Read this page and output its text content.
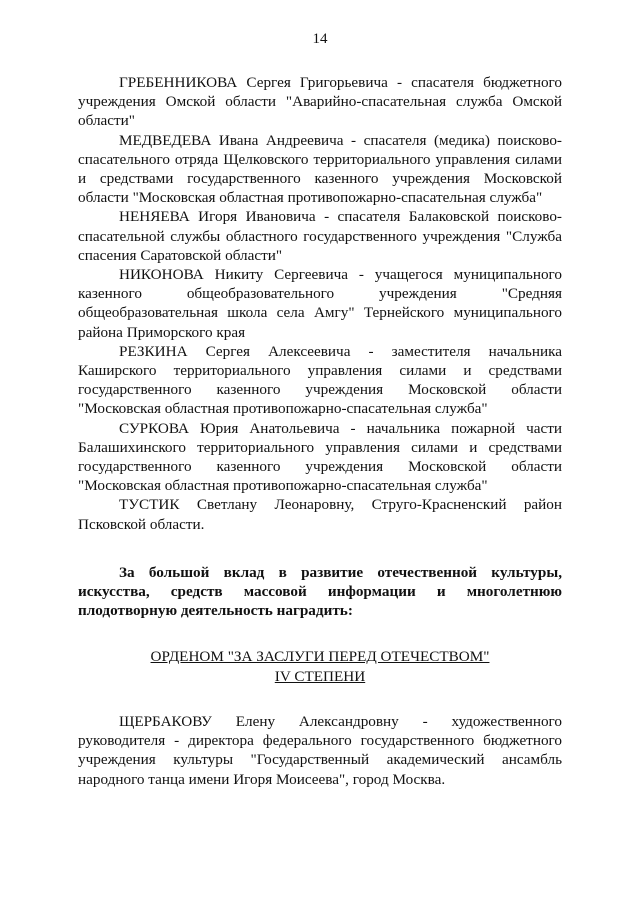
14

ГРЕБЕННИКОВА Сергея Григорьевича - спасателя бюджетного учреждения Омской области "Аварийно-спасательная служба Омской области"

МЕДВЕДЕВА Ивана Андреевича - спасателя (медика) поисково-спасательного отряда Щелковского территориального управления силами и средствами государственного казенного учреждения Московской области "Московская областная противопожарно-спасательная служба"

НЕНЯЕВА Игоря Ивановича - спасателя Балаковской поисково-спасательной службы областного государственного учреждения "Служба спасения Саратовской области"

НИКОНОВА Никиту Сергеевича - учащегося муниципального казенного общеобразовательного учреждения "Средняя общеобразовательная школа села Амгу" Тернейского муниципального района Приморского края

РЕЗКИНА Сергея Алексеевича - заместителя начальника Каширского территориального управления силами и средствами государственного казенного учреждения Московской области "Московская областная противопожарно-спасательная служба"

СУРКОВА Юрия Анатольевича - начальника пожарной части Балашихинского территориального управления силами и средствами государственного казенного учреждения Московской области "Московская областная противопожарно-спасательная служба"

ТУСТИК Светлану Леонаровну, Струго-Красненский район Псковской области.

За большой вклад в развитие отечественной культуры, искусства, средств массовой информации и многолетнюю плодотворную деятельность наградить:

ОРДЕНОМ "ЗА ЗАСЛУГИ ПЕРЕД ОТЕЧЕСТВОМ"
IV СТЕПЕНИ

ЩЕРБАКОВУ Елену Александровну - художественного руководителя - директора федерального государственного бюджетного учреждения культуры "Государственный академический ансамбль народного танца имени Игоря Моисеева", город Москва.
